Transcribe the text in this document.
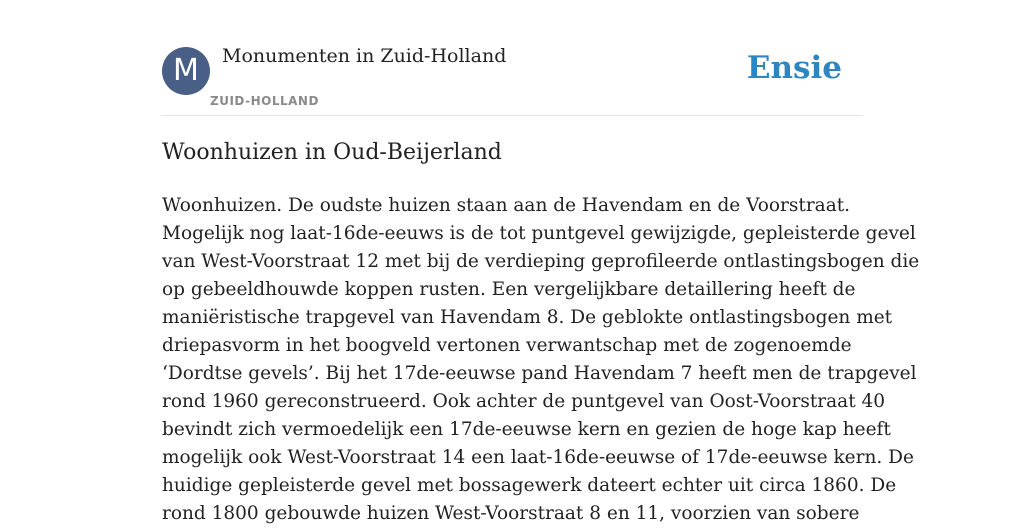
M	Monumenten in Zuid-Holland
ZUID-HOLLAND
Ensie
Woonhuizen in Oud-Beijerland
Woonhuizen. De oudste huizen staan aan de Havendam en de Voorstraat.
Mogelijk nog laat-16de-eeuws is de tot puntgevel gewijzigde, gepleisterde gevel
van West-Voorstraat 12 met bij de verdieping geprofileerde ontlastingsbogen die
op gebeeldhouwde koppen rusten. Een vergelijkbare detaillering heeft de
maniëristische trapgevel van Havendam 8. De geblokte ontlastingsbogen met
driepasvorm in het boogveld vertonen verwantschap met de zogenoemde
‘Dordtse gevels’. Bij het 17de-eeuwse pand Havendam 7 heeft men de trapgevel
rond 1960 gereconstrueerd. Ook achter de puntgevel van Oost-Voorstraat 40
bevindt zich vermoedelijk een 17de-eeuwse kern en gezien de hoge kap heeft
mogelijk ook West-Voorstraat 14 een laat-16de-eeuwse of 17de-eeuwse kern. De
huidige gepleisterde gevel met bossagewerk dateert echter uit circa 1860. De
rond 1800 gebouwde huizen West-Voorstraat 8 en 11, voorzien van sobere
